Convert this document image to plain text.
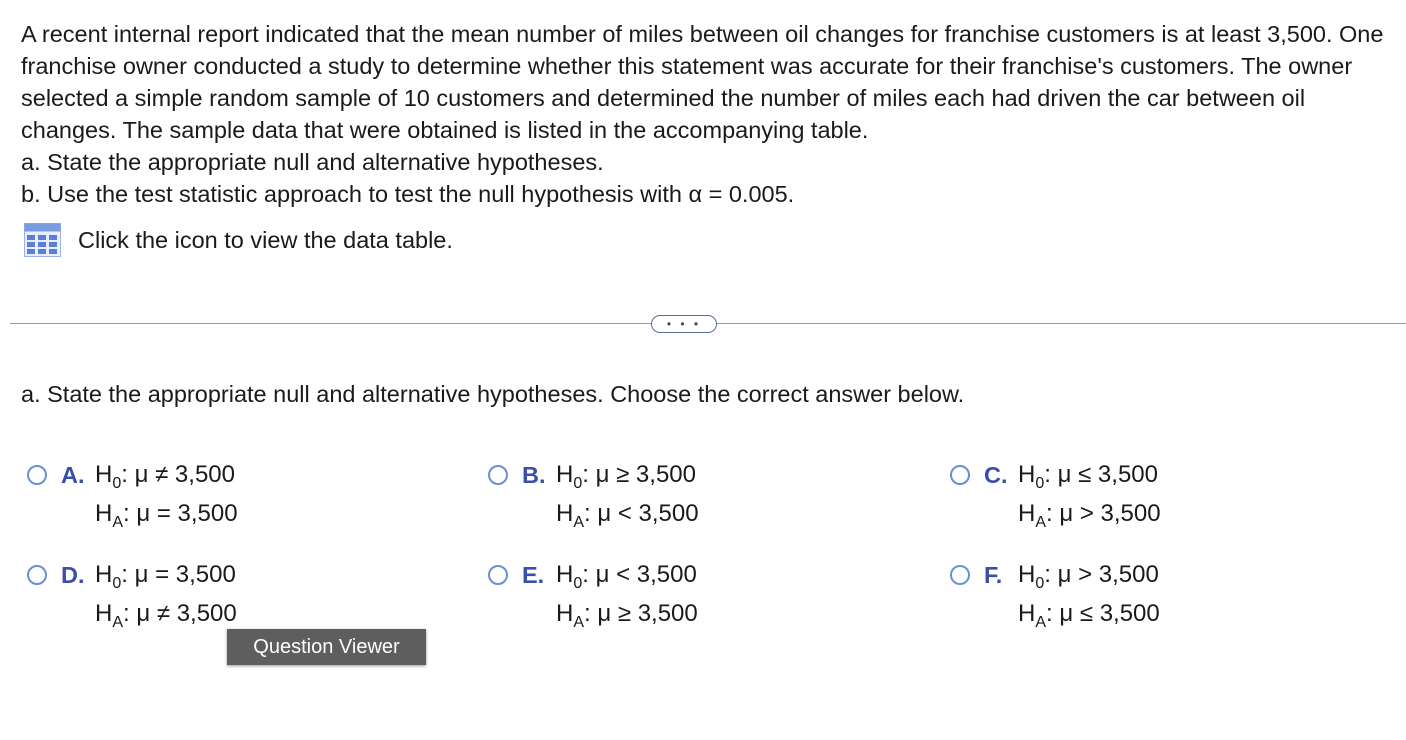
A recent internal report indicated that the mean number of miles between oil changes for franchise customers is at least 3,500. One franchise owner conducted a study to determine whether this statement was accurate for their franchise's customers. The owner selected a simple random sample of 10 customers and determined the number of miles each had driven the car between oil changes. The sample data that were obtained is listed in the accompanying table.

a. State the appropriate null and alternative hypotheses.

b. Use the test statistic approach to test the null hypothesis with α = 0.005.

Click the icon to view the data table.
• • •
a. State the appropriate null and alternative hypotheses. Choose the correct answer below.
A. $H_0$: μ ≠ 3,500
$H_A$: μ = 3,500
B. $H_0$: μ ≥ 3,500
$H_A$: μ < 3,500
C. $H_0$: μ ≤ 3,500
$H_A$: μ > 3,500
D. $H_0$: μ = 3,500
$H_A$: μ ≠ 3,500
E. $H_0$: μ < 3,500
$H_A$: μ ≥ 3,500
F. $H_0$: μ > 3,500
$H_A$: μ ≤ 3,500
Question Viewer
